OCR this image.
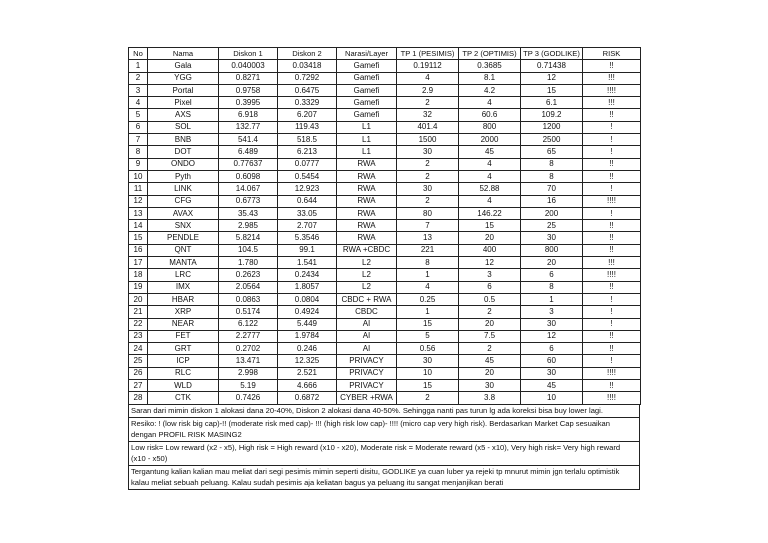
No	Nama	Diskon 1	Diskon 2	Narasi/Layer	TP 1 (PESIMIS)	TP 2 (OPTIMIS)	TP 3 (GODLIKE)	RISK
1	Gala	0.040003	0.03418	Gamefi	0.19112	0.3685	0.71438	!!
2	YGG	0.8271	0.7292	Gamefi	4	8.1	12	!!!
3	Portal	0.9758	0.6475	Gamefi	2.9	4.2	15	!!!!
4	Pixel	0.3995	0.3329	Gamefi	2	4	6.1	!!!
5	AXS	6.918	6.207	Gamefi	32	60.6	109.2	!!
6	SOL	132.77	119.43	L1	401.4	800	1200	!
7	BNB	541.4	518.5	L1	1500	2000	2500	!
8	DOT	6.489	6.213	L1	30	45	65	!
9	ONDO	0.77637	0.0777	RWA	2	4	8	!!
10	Pyth	0.6098	0.5454	RWA	2	4	8	!!
11	LINK	14.067	12.923	RWA	30	52.88	70	!
12	CFG	0.6773	0.644	RWA	2	4	16	!!!!
13	AVAX	35.43	33.05	RWA	80	146.22	200	!
14	SNX	2.985	2.707	RWA	7	15	25	!!
15	PENDLE	5.8214	5.3546	RWA	13	20	30	!!
16	QNT	104.5	99.1	RWA +CBDC	221	400	800	!!
17	MANTA	1.780	1.541	L2	8	12	20	!!!
18	LRC	0.2623	0.2434	L2	1	3	6	!!!!
19	IMX	2.0564	1.8057	L2	4	6	8	!!
20	HBAR	0.0863	0.0804	CBDC + RWA	0.25	0.5	1	!
21	XRP	0.5174	0.4924	CBDC	1	2	3	!
22	NEAR	6.122	5.449	AI	15	20	30	!
23	FET	2.2777	1.9784	AI	5	7.5	12	!!
24	GRT	0.2702	0.246	AI	0.56	2	6	!!
25	ICP	13.471	12.325	PRIVACY	30	45	60	!
26	RLC	2.998	2.521	PRIVACY	10	20	30	!!!!
27	WLD	5.19	4.666	PRIVACY	15	30	45	!!
28	CTK	0.7426	0.6872	CYBER +RWA	2	3.8	10	!!!!
Saran dari mimin diskon 1 alokasi dana 20-40%, Diskon 2 alokasi dana 40-50%. Sehingga nanti pas turun lg ada koreksi bisa buy lower lagi.
Resiko: ! (low risk big cap)-!! (moderate risk med cap)- !!! (high risk low cap)- !!!! (micro cap very high risk). Berdasarkan Market Cap sesuaikan dengan PROFIL RISK MASING2
Low risk= Low reward (x2 - x5), High risk = High reward (x10 - x20), Moderate risk = Moderate reward (x5 - x10), Very high risk= Very high reward (x10 - x50)
Tergantung kalian kalian mau meliat dari segi pesimis mimin seperti disitu, GODLIKE ya cuan luber ya rejeki tp mnurut mimin jgn terlalu optimistik kalau meliat sebuah peluang. Kalau sudah pesimis aja keliatan bagus ya peluang itu sangat menjanjikan berati
